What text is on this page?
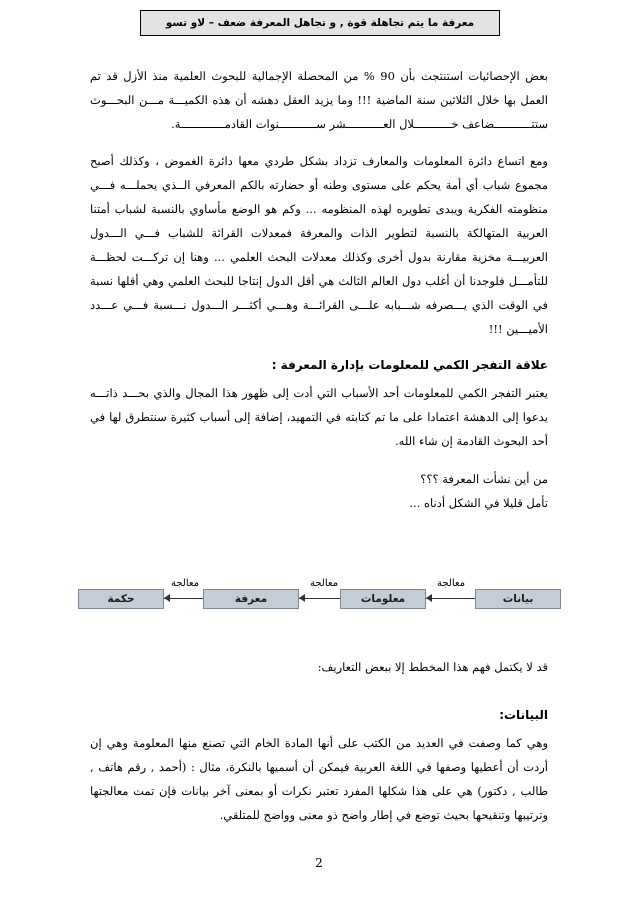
معرفة ما يتم تجاهلة قوة , و تجاهل المعرفة ضعف – لاو تسو

بعض الإحصائيات استنتجت بأن 90 % من المحصلة الإجمالية للبحوث العلمية منذ الأزل قد تم العمل بها خلال الثلاثين سنة الماضية !!! وما يزيد العقل دهشه أن هذه الكميـــة مـــن البحـــوث ستتـــــــــــضاعف خـــــــــــلال العـــــــــــشر ســـــــــــنوات القادمـــــــــــــة.

ومع اتساع دائرة المعلومات والمعارف تزداد بشكل طردي معها دائرة الغموض ، وكذلك أصبح مجموع شباب أي أمة يحكم على مستوى وطنه أو حضارته بالكم المعرفي الــذي يحملـــه فـــي منظومته الفكرية ويبدى تطويره لهذه المنظومه ... وكم هو الوضع مأساوي بالنسبة لشباب أمتنا العربية المتهالكة بالنسبة لتطوير الذات والمعرفة فمعدلات القرائة للشباب فـــي الـــدول العربيـــة مخزية مقارنة بدول أخرى وكذلك معدلات البحث العلمي ... وهنا إن تركـــت لحظـــة للتأمـــل فلوجدنا أن أغلب دول العالم الثالث هي أقل الدول إنتاجا للبحث العلمي وهي أقلها نسبة في الوقت الذي يـــصرفه شـــبابه علـــى القرائـــة وهـــي أكثـــر الـــدول نـــسبة فـــي عـــدد الأميـــين !!!

علاقة التفجر الكمي للمعلومات بإدارة المعرفة :

يعتبر التفجر الكمي للمعلومات أحد الأسباب التي أدت إلى ظهور هذا المجال والذي بحـــد ذاتـــه يدعوا إلى الدهشة اعتمادا على ما تم كتابته في التمهيد، إضافة إلى أسباب كثيرة سنتطرق لها في أحد البحوث القادمة إن شاء الله.

من أين نشأت المعرفة ؟؟؟

تأمل قليلا في الشكل أدناه ...

بيانات
معلومات
معرفة
حكمة
معالجة
معالجة
معالجة

قد لا يكتمل فهم هذا المخطط إلا ببعض التعاريف:

البيانات:

وهي كما وصفت في العديد من الكتب على أنها المادة الخام التي تصنع منها المعلومة وهي إن أردت أن أعطيها وصفها في اللغة العربية فيمكن أن أسميها بالنكرة، مثال : (أحمد , رقم هاتف , طالب , دكتور) هي على هذا شكلها المفرد تعتبر نكرات أو بمعنى آخر بيانات فإن تمت معالجتها وترتيبها وتنقيحها بحيث توضع في إطار واضح ذو معنى وواضح للمتلقي.

2
